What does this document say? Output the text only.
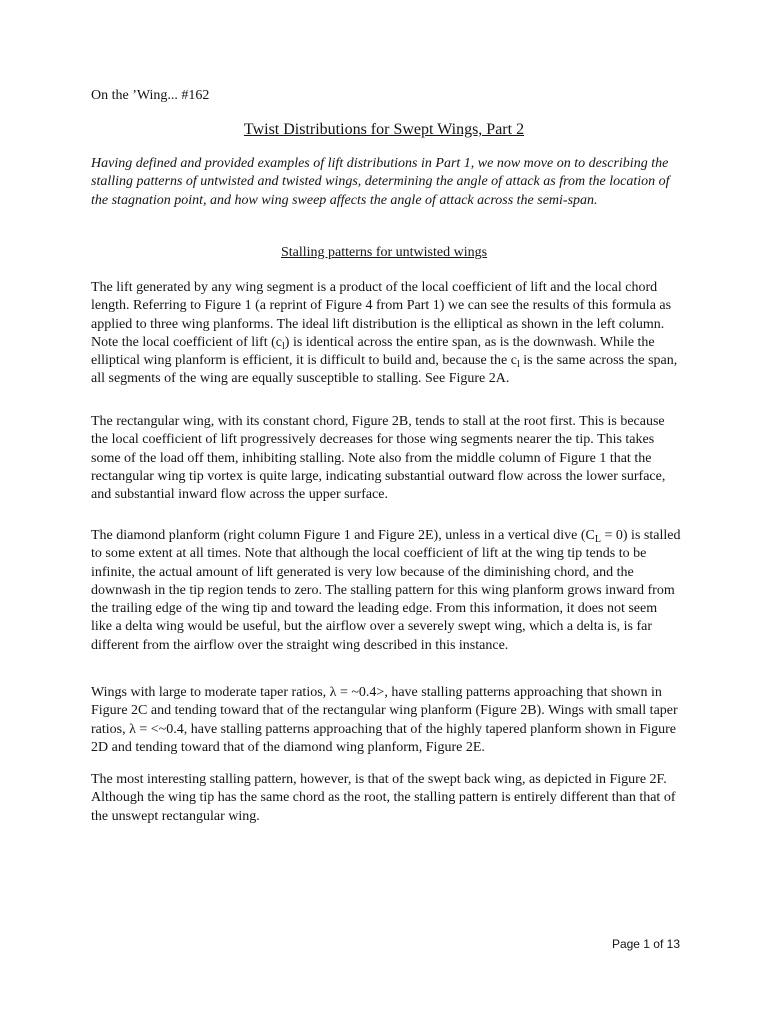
On the ’Wing... #162
Twist Distributions for Swept Wings, Part 2
Having defined and provided examples of lift distributions in Part 1, we now move on to describing the stalling patterns of untwisted and twisted wings, determining the angle of attack as from the location of the stagnation point, and how wing sweep affects the angle of attack across the semi-span.
Stalling patterns for untwisted wings
The lift generated by any wing segment is a product of the local coefficient of lift and the local chord length. Referring to Figure 1 (a reprint of Figure 4 from Part 1) we can see the results of this formula as applied to three wing planforms. The ideal lift distribution is the elliptical as shown in the left column. Note the local coefficient of lift $(c_l)$ is identical across the entire span, as is the downwash. While the elliptical wing planform is efficient, it is difficult to build and, because the $c_l$ is the same across the span, all segments of the wing are equally susceptible to stalling. See Figure 2A.
The rectangular wing, with its constant chord, Figure 2B, tends to stall at the root first. This is because the local coefficient of lift progressively decreases for those wing segments nearer the tip. This takes some of the load off them, inhibiting stalling. Note also from the middle column of Figure 1 that the rectangular wing tip vortex is quite large, indicating substantial outward flow across the lower surface, and substantial inward flow across the upper surface.
The diamond planform (right column Figure 1 and Figure 2E), unless in a vertical dive $(C_L = 0)$ is stalled to some extent at all times. Note that although the local coefficient of lift at the wing tip tends to be infinite, the actual amount of lift generated is very low because of the diminishing chord, and the downwash in the tip region tends to zero. The stalling pattern for this wing planform grows inward from the trailing edge of the wing tip and toward the leading edge. From this information, it does not seem like a delta wing would be useful, but the airflow over a severely swept wing, which a delta is, is far different from the airflow over the straight wing described in this instance.
Wings with large to moderate taper ratios, λ = ~0.4>, have stalling patterns approaching that shown in Figure 2C and tending toward that of the rectangular wing planform (Figure 2B). Wings with small taper ratios, λ = <~0.4, have stalling patterns approaching that of the highly tapered planform shown in Figure 2D and tending toward that of the diamond wing planform, Figure 2E.
The most interesting stalling pattern, however, is that of the swept back wing, as depicted in Figure 2F. Although the wing tip has the same chord as the root, the stalling pattern is entirely different than that of the unswept rectangular wing.
Page 1 of 13
